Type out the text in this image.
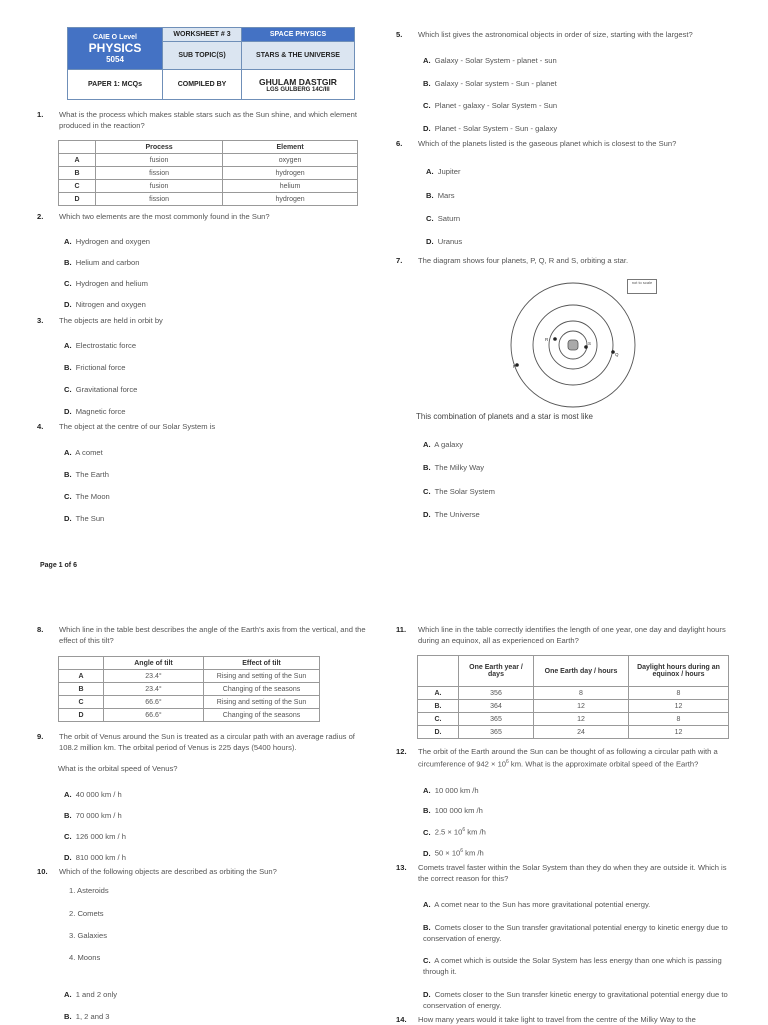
CAIE O Level
PHYSICS
5054	WORKSHEET # 3	SPACE PHYSICS
	SUB TOPIC(S)	STARS & THE UNIVERSE
PAPER 1: MCQs	COMPILED BY	GHULAM DASTGIR
LGS GULBERG 14C/III
1. What is the process which makes stable stars such as the Sun shine, and which element produced in the reaction?
	Process	Element
A	fusion	oxygen
B	fission	hydrogen
C	fusion	helium
D	fission	hydrogen
2. Which two elements are the most commonly found in the Sun?
A. Hydrogen and oxygen
B. Helium and carbon
C. Hydrogen and helium
D. Nitrogen and oxygen
3. The objects are held in orbit by
A. Electrostatic force
B. Frictional force
C. Gravitational force
D. Magnetic force
4. The object at the centre of our Solar System is
A. A comet
B. The Earth
C. The Moon
D. The Sun
5. Which list gives the astronomical objects in order of size, starting with the largest?
A. Galaxy - Solar System - planet - sun
B. Galaxy - Solar system - Sun - planet
C. Planet - galaxy - Solar System - Sun
D. Planet - Solar System - Sun - galaxy
6. Which of the planets listed is the gaseous planet which is closest to the Sun?
A. Jupiter
B. Mars
C. Saturn
D. Uranus
7. The diagram shows four planets, P, Q, R and S, orbiting a star.
P
Q
R
S
not to scale
This combination of planets and a star is most like
A. A galaxy
B. The Milky Way
C. The Solar System
D. The Universe
Page 1 of 6
8. Which line in the table best describes the angle of the Earth's axis from the vertical, and the effect of this tilt?
	Angle of tilt	Effect of tilt
A	23.4°	Rising and setting of the Sun
B	23.4°	Changing of the seasons
C	66.6°	Rising and setting of the Sun
D	66.6°	Changing of the seasons
9. The orbit of Venus around the Sun is treated as a circular path with an average radius of 108.2 million km. The orbital period of Venus is 225 days (5400 hours).
What is the orbital speed of Venus?
A. 40 000 km / h
B. 70 000 km / h
C. 126 000 km / h
D. 810 000 km / h
10. Which of the following objects are described as orbiting the Sun?
1. Asteroids
2. Comets
3. Galaxies
4. Moons
A. 1 and 2 only
B. 1, 2 and 3
11. Which line in the table correctly identifies the length of one year, one day and daylight hours during an equinox, all as experienced on Earth?
	One Earth year / days	One Earth day / hours	Daylight hours during an equinox / hours
A.	356	8	8
B.	364	12	12
C.	365	12	8
D.	365	24	12
12. The orbit of the Earth around the Sun can be thought of as following a circular path with a circumference of $942 \times 10^6$ km. What is the approximate orbital speed of the Earth?
A. 10 000 km /h
B. 100 000 km /h
C. $2.5 \times 10^6$ km /h
D. $50 \times 10^6$ km /h
13. Comets travel faster within the Solar System than they do when they are outside it. Which is the correct reason for this?
A. A comet near to the Sun has more gravitational potential energy.
B. Comets closer to the Sun transfer gravitational potential energy to kinetic energy due to conservation of energy.
C. A comet which is outside the Solar System has less energy than one which is passing through it.
D. Comets closer to the Sun transfer kinetic energy to gravitational potential energy due to conservation of energy.
14. How many years would it take light to travel from the centre of the Milky Way to the
